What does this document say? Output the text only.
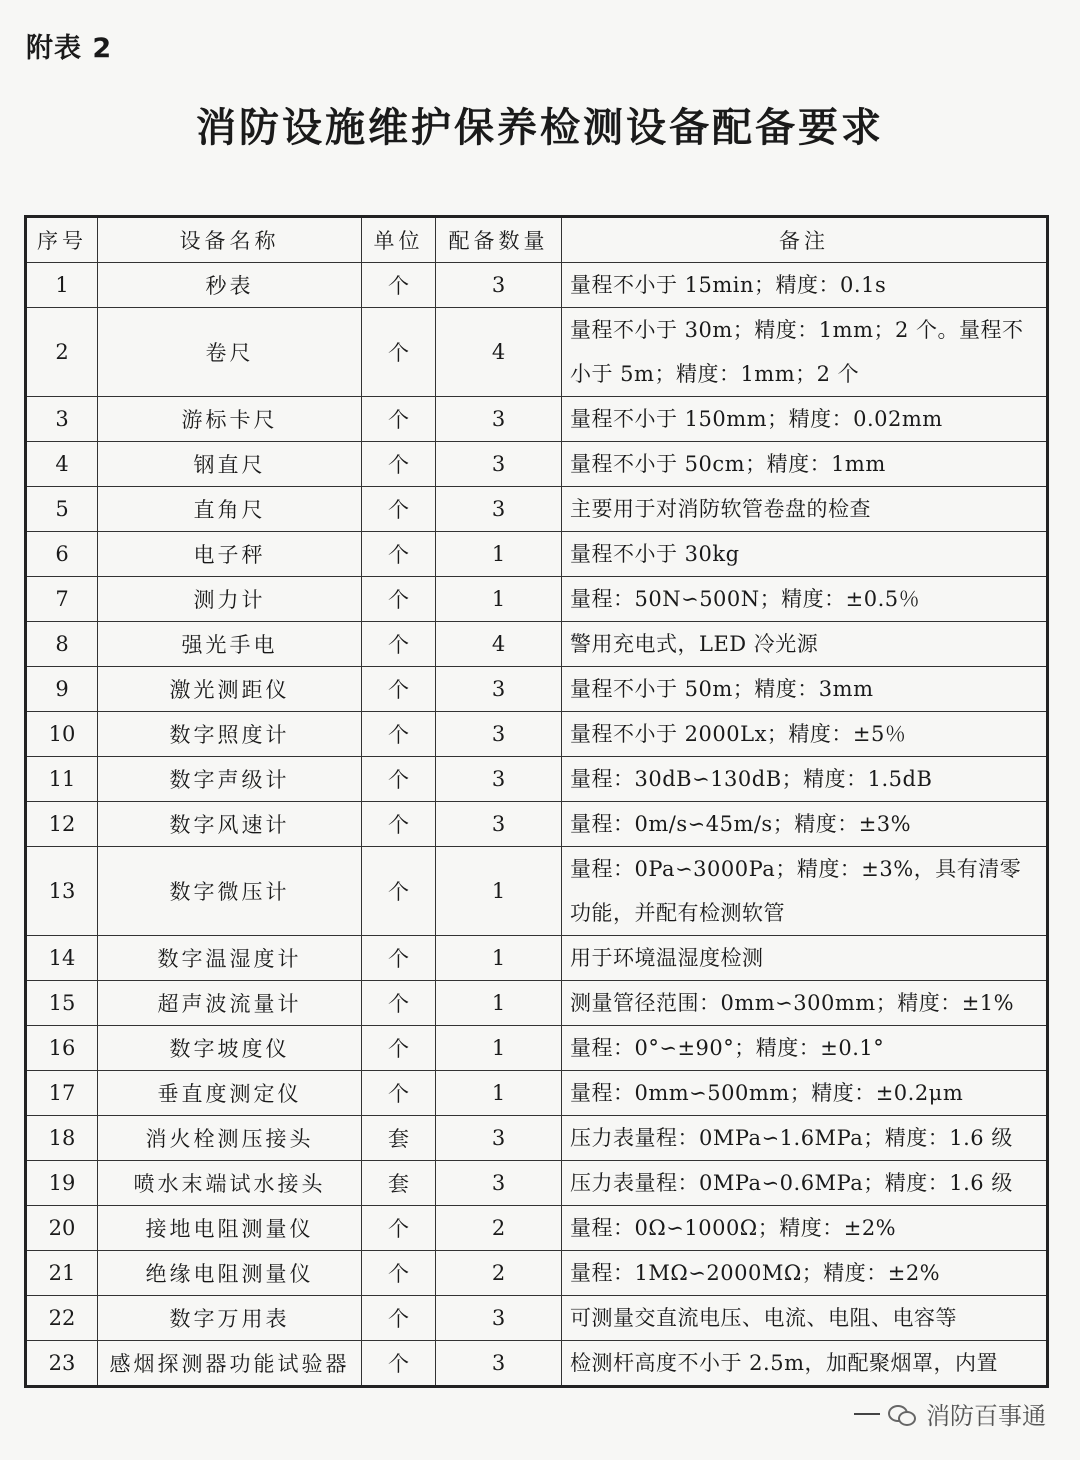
附表 2
消防设施维护保养检测设备配备要求
序号	设备名称	单位	配备数量	备注
1	秒表	个	3	量程不小于 15min；精度：0.1s
2	卷尺	个	4	量程不小于 30m；精度：1mm；2 个。量程不小于 5m；精度：1mm；2 个
3	游标卡尺	个	3	量程不小于 150mm；精度：0.02mm
4	钢直尺	个	3	量程不小于 50cm；精度：1mm
5	直角尺	个	3	主要用于对消防软管卷盘的检查
6	电子秤	个	1	量程不小于 30kg
7	测力计	个	1	量程：50N∽500N；精度：±0.5％
8	强光手电	个	4	警用充电式，LED 冷光源
9	激光测距仪	个	3	量程不小于 50m；精度：3mm
10	数字照度计	个	3	量程不小于 2000Lx；精度：±5％
11	数字声级计	个	3	量程：30dB∽130dB；精度：1.5dB
12	数字风速计	个	3	量程：0m/s∽45m/s；精度：±3%
13	数字微压计	个	1	量程：0Pa∽3000Pa；精度：±3%，具有清零功能，并配有检测软管
14	数字温湿度计	个	1	用于环境温湿度检测
15	超声波流量计	个	1	测量管径范围：0mm∽300mm；精度：±1%
16	数字坡度仪	个	1	量程：0°∽±90°；精度：±0.1°
17	垂直度测定仪	个	1	量程：0mm∽500mm；精度：±0.2μm
18	消火栓测压接头	套	3	压力表量程：0MPa∽1.6MPa；精度：1.6 级
19	喷水末端试水接头	套	3	压力表量程：0MPa∽0.6MPa；精度：1.6 级
20	接地电阻测量仪	个	2	量程：0Ω∽1000Ω；精度：±2%
21	绝缘电阻测量仪	个	2	量程：1MΩ∽2000MΩ；精度：±2%
22	数字万用表	个	3	可测量交直流电压、电流、电阻、电容等
23	感烟探测器功能试验器	个	3	检测杆高度不小于 2.5m，加配聚烟罩，内置
消防百事通
